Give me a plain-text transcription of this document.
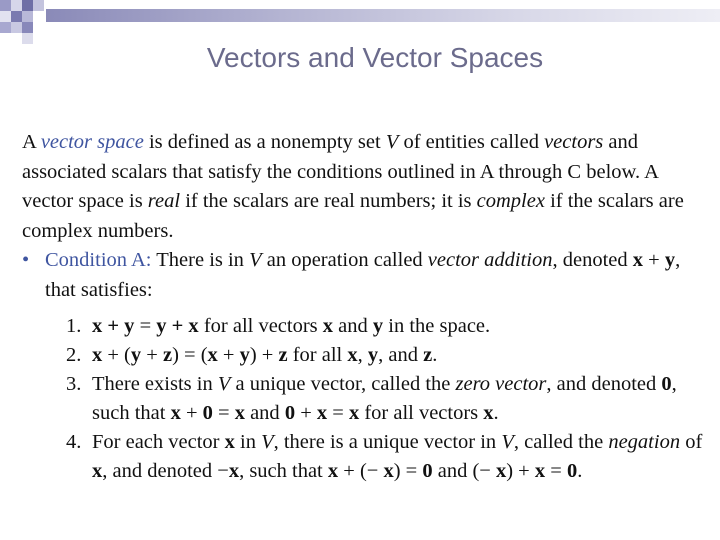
Vectors and Vector Spaces

A vector space is defined as a nonempty set V of entities called vectors and associated scalars that satisfy the conditions outlined in A through C below. A vector space is real if the scalars are real numbers; it is complex if the scalars are complex numbers.

• Condition A: There is in V an operation called vector addition, denoted x + y, that satisfies:

1. x + y = y + x for all vectors x and y in the space.
2. x + (y + z) = (x + y) + z for all x, y, and z.
3. There exists in V a unique vector, called the zero vector, and denoted 0, such that x + 0 = x and 0 + x = x for all vectors x.
4. For each vector x in V, there is a unique vector in V, called the negation of x, and denoted −x, such that x + (− x) = 0 and (− x) + x = 0.
